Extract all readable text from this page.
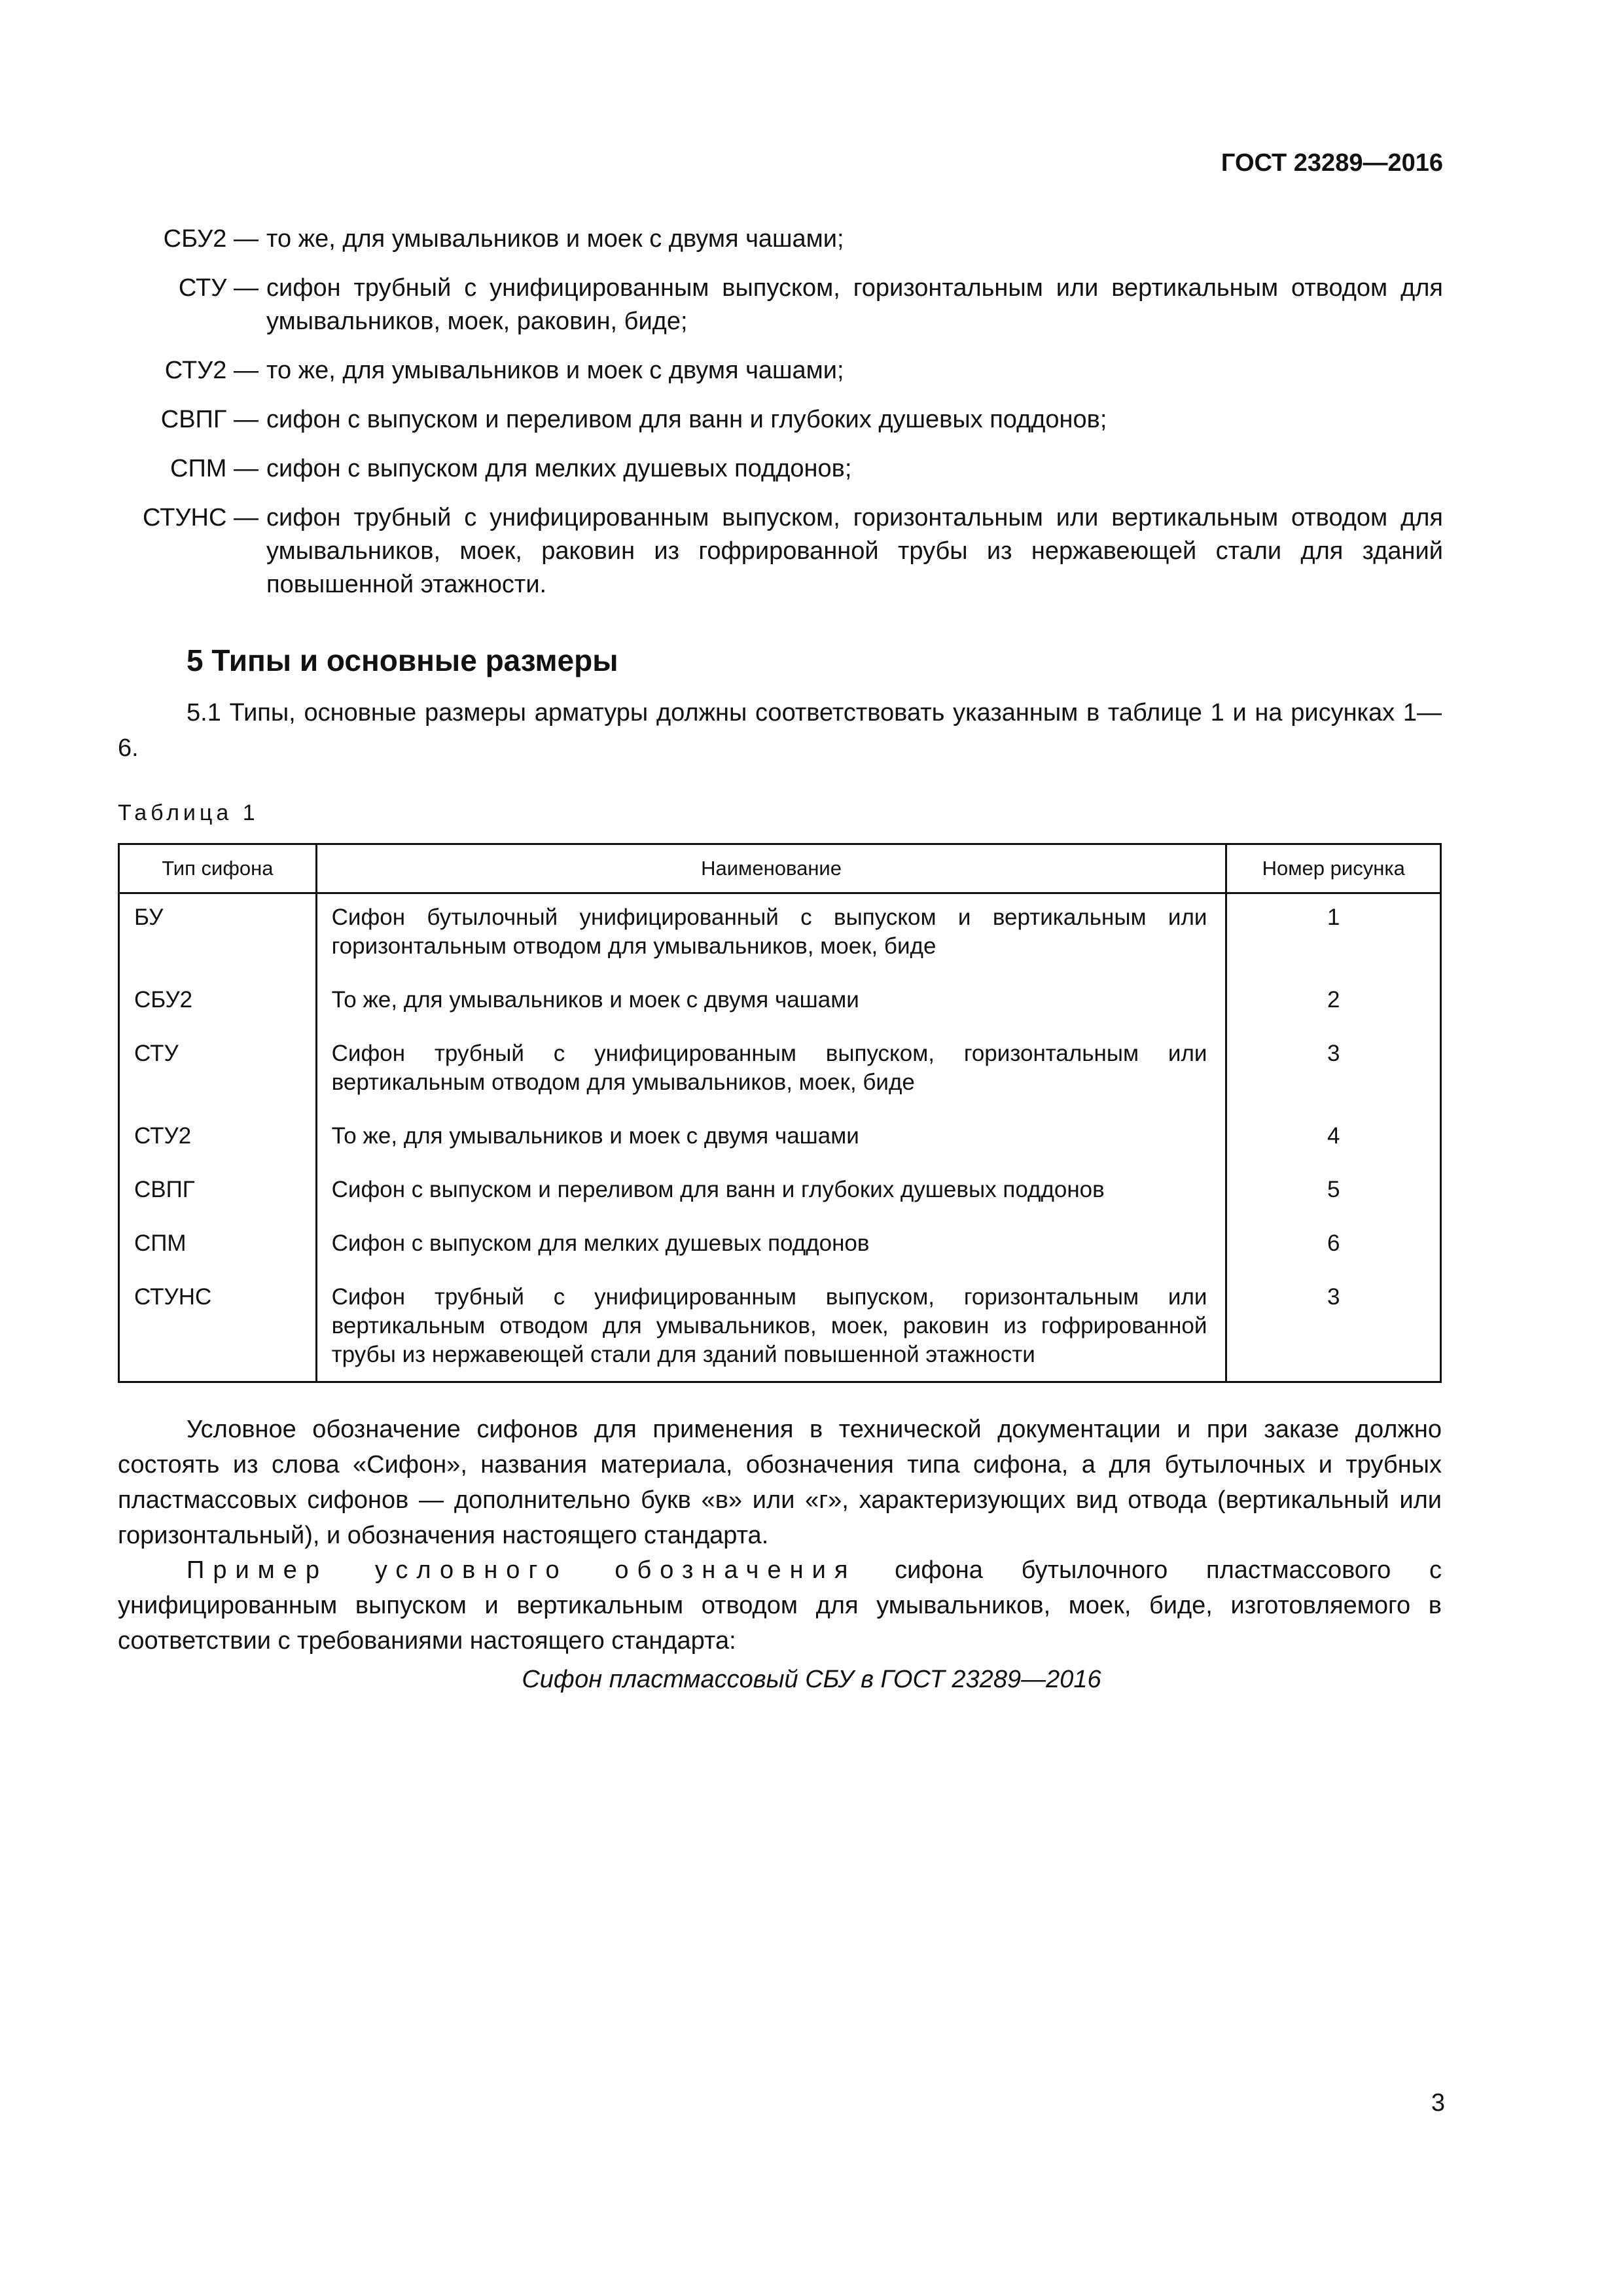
ГОСТ 23289—2016
СБУ2 — то же, для умывальников и моек с двумя чашами;
СТУ — сифон трубный с унифицированным выпуском, горизонтальным или вертикальным отводом для умывальников, моек, раковин, биде;
СТУ2 — то же, для умывальников и моек с двумя чашами;
СВПГ — сифон с выпуском и переливом для ванн и глубоких душевых поддонов;
СПМ — сифон с выпуском для мелких душевых поддонов;
СТУНС — сифон трубный с унифицированным выпуском, горизонтальным или вертикальным отводом для умывальников, моек, раковин из гофрированной трубы из нержавеющей стали для зданий повышенной этажности.
5 Типы и основные размеры
5.1 Типы, основные размеры арматуры должны соответствовать указанным в таблице 1 и на рисунках 1—6.
Таблица 1
Тип сифона	Наименование	Номер рисунка

БУ	Сифон бутылочный унифицированный с выпуском и вертикальным или горизонтальным отводом для умывальников, моек, биде	1

СБУ2	То же, для умывальников и моек с двумя чашами	2

СТУ	Сифон трубный с унифицированным выпуском, горизонтальным или вертикальным отводом для умывальников, моек, биде	3

СТУ2	То же, для умывальников и моек с двумя чашами	4

СВПГ	Сифон с выпуском и переливом для ванн и глубоких душевых поддонов	5

СПМ	Сифон с выпуском для мелких душевых поддонов	6

СТУНС	Сифон трубный с унифицированным выпуском, горизонтальным или вертикальным отводом для умывальников, моек, раковин из гофрированной трубы из нержавеющей стали для зданий повышенной этажности	3
Условное обозначение сифонов для применения в технической документации и при заказе должно состоять из слова «Сифон», названия материала, обозначения типа сифона, а для бутылочных и трубных пластмассовых сифонов — дополнительно букв «в» или «г», характеризующих вид отвода (вертикальный или горизонтальный), и обозначения настоящего стандарта.
Пример условного обозначения сифона бутылочного пластмассового с унифицированным выпуском и вертикальным отводом для умывальников, моек, биде, изготовляемого в соответствии с требованиями настоящего стандарта:
Сифон пластмассовый СБУ в ГОСТ 23289—2016
3
